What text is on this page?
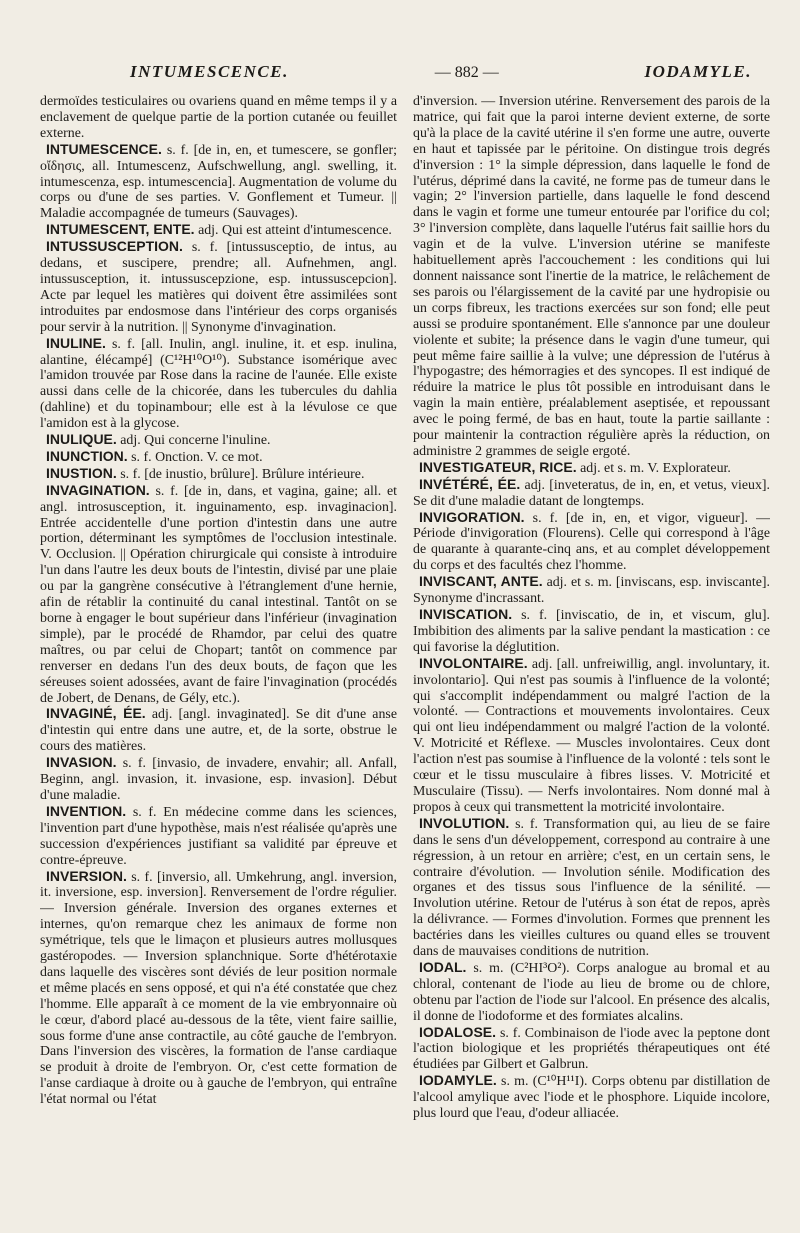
INTUMESCENCE.	— 882 —	IODAMYLE.

dermoïdes testiculaires ou ovariens quand en même temps il y a enclavement de quelque partie de la portion cutanée ou feuillet externe.

INTUMESCENCE. s. f. [de in, en, et tumescere, se gonfler; οἴδησις, all. Intumescenz, Aufschwellung, angl. swelling, it. intumescenza, esp. intumescencia]. Augmentation de volume du corps ou d'une de ses parties. V. Gonflement et Tumeur. || Maladie accompagnée de tumeurs (Sauvages).

INTUMESCENT, ENTE. adj. Qui est atteint d'intumescence.

INTUSSUSCEPTION. s. f. [intussusceptio, de intus, au dedans, et suscipere, prendre; all. Aufnehmen, angl. intussusception, it. intussuscepzione, esp. intussuscepcion]. Acte par lequel les matières qui doivent être assimilées sont introduites par endosmose dans l'intérieur des corps organisés pour servir à la nutrition. || Synonyme d'invagination.

INULINE. s. f. [all. Inulin, angl. inuline, it. et esp. inulina, alantine, élécampé] (C¹²H¹⁰O¹⁰). Substance isomérique avec l'amidon trouvée par Rose dans la racine de l'aunée. Elle existe aussi dans celle de la chicorée, dans les tubercules du dahlia (dahline) et du topinambour; elle est à la lévulose ce que l'amidon est à la glycose.

INULIQUE. adj. Qui concerne l'inuline.

INUNCTION. s. f. Onction. V. ce mot.

INUSTION. s. f. [de inustio, brûlure]. Brûlure intérieure.

INVAGINATION. s. f. [de in, dans, et vagina, gaine; all. et angl. introsusception, it. inguinamento, esp. invaginacion]. Entrée accidentelle d'une portion d'intestin dans une autre portion, déterminant les symptômes de l'occlusion intestinale. V. Occlusion. || Opération chirurgicale qui consiste à introduire l'un dans l'autre les deux bouts de l'intestin, divisé par une plaie ou par la gangrène consécutive à l'étranglement d'une hernie, afin de rétablir la continuité du canal intestinal. Tantôt on se borne à engager le bout supérieur dans l'inférieur (invagination simple), par le procédé de Rhamdor, par celui des quatre maîtres, ou par celui de Chopart; tantôt on commence par renverser en dedans l'un des deux bouts, de façon que les séreuses soient adossées, avant de faire l'invagination (procédés de Jobert, de Denans, de Gély, etc.).

INVAGINÉ, ÉE. adj. [angl. invaginated]. Se dit d'une anse d'intestin qui entre dans une autre, et, de la sorte, obstrue le cours des matières.

INVASION. s. f. [invasio, de invadere, envahir; all. Anfall, Beginn, angl. invasion, it. invasione, esp. invasion]. Début d'une maladie.

INVENTION. s. f. En médecine comme dans les sciences, l'invention part d'une hypothèse, mais n'est réalisée qu'après une succession d'expériences justifiant sa validité par épreuve et contre-épreuve.

INVERSION. s. f. [inversio, all. Umkehrung, angl. inversion, it. inversione, esp. inversion]. Renversement de l'ordre régulier. — Inversion générale. Inversion des organes externes et internes, qu'on remarque chez les animaux de forme non symétrique, tels que le limaçon et plusieurs autres mollusques gastéropodes. — Inversion splanchnique. Sorte d'hétérotaxie dans laquelle des viscères sont déviés de leur position normale et même placés en sens opposé, et qui n'a été constatée que chez l'homme. Elle apparaît à ce moment de la vie embryonnaire où le cœur, d'abord placé au-dessous de la tête, vient faire saillie, sous forme d'une anse contractile, au côté gauche de l'embryon. Dans l'inversion des viscères, la formation de l'anse cardiaque se produit à droite de l'embryon. Or, c'est cette formation de l'anse cardiaque à droite ou à gauche de l'embryon, qui entraîne l'état normal ou l'état

d'inversion. — Inversion utérine. Renversement des parois de la matrice, qui fait que la paroi interne devient externe, de sorte qu'à la place de la cavité utérine il s'en forme une autre, ouverte en haut et tapissée par le péritoine. On distingue trois degrés d'inversion : 1° la simple dépression, dans laquelle le fond de l'utérus, déprimé dans la cavité, ne forme pas de tumeur dans le vagin; 2° l'inversion partielle, dans laquelle le fond descend dans le vagin et forme une tumeur entourée par l'orifice du col; 3° l'inversion complète, dans laquelle l'utérus fait saillie hors du vagin et de la vulve. L'inversion utérine se manifeste habituellement après l'accouchement : les conditions qui lui donnent naissance sont l'inertie de la matrice, le relâchement de ses parois ou l'élargissement de la cavité par une hydropisie ou un corps fibreux, les tractions exercées sur son fond; elle peut aussi se produire spontanément. Elle s'annonce par une douleur violente et subite; la présence dans le vagin d'une tumeur, qui peut même faire saillie à la vulve; une dépression de l'utérus à l'hypogastre; des hémorragies et des syncopes. Il est indiqué de réduire la matrice le plus tôt possible en introduisant dans le vagin la main entière, préalablement aseptisée, et repoussant avec le poing fermé, de bas en haut, toute la partie saillante : pour maintenir la contraction régulière après la réduction, on administre 2 grammes de seigle ergoté.

INVESTIGATEUR, RICE. adj. et s. m. V. Explorateur.

INVÉTÉRÉ, ÉE. adj. [inveteratus, de in, en, et vetus, vieux]. Se dit d'une maladie datant de longtemps.

INVIGORATION. s. f. [de in, en, et vigor, vigueur]. — Période d'invigoration (Flourens). Celle qui correspond à l'âge de quarante à quarante-cinq ans, et au complet développement du corps et des facultés chez l'homme.

INVISCANT, ANTE. adj. et s. m. [inviscans, esp. inviscante]. Synonyme d'incrassant.

INVISCATION. s. f. [inviscatio, de in, et viscum, glu]. Imbibition des aliments par la salive pendant la mastication : ce qui favorise la déglutition.

INVOLONTAIRE. adj. [all. unfreiwillig, angl. involuntary, it. involontario]. Qui n'est pas soumis à l'influence de la volonté; qui s'accomplit indépendamment ou malgré l'action de la volonté. — Contractions et mouvements involontaires. Ceux qui ont lieu indépendamment ou malgré l'action de la volonté. V. Motricité et Réflexe. — Muscles involontaires. Ceux dont l'action n'est pas soumise à l'influence de la volonté : tels sont le cœur et le tissu musculaire à fibres lisses. V. Motricité et Musculaire (Tissu). — Nerfs involontaires. Nom donné mal à propos à ceux qui transmettent la motricité involontaire.

INVOLUTION. s. f. Transformation qui, au lieu de se faire dans le sens d'un développement, correspond au contraire à une régression, à un retour en arrière; c'est, en un certain sens, le contraire d'évolution. — Involution sénile. Modification des organes et des tissus sous l'influence de la sénilité. — Involution utérine. Retour de l'utérus à son état de repos, après la délivrance. — Formes d'involution. Formes que prennent les bactéries dans les vieilles cultures ou quand elles se trouvent dans de mauvaises conditions de nutrition.

IODAL. s. m. (C²HI³O²). Corps analogue au bromal et au chloral, contenant de l'iode au lieu de brome ou de chlore, obtenu par l'action de l'iode sur l'alcool. En présence des alcalis, il donne de l'iodoforme et des formiates alcalins.

IODALOSE. s. f. Combinaison de l'iode avec la peptone dont l'action biologique et les propriétés thérapeutiques ont été étudiées par Gilbert et Galbrun.

IODAMYLE. s. m. (C¹⁰H¹¹I). Corps obtenu par distillation de l'alcool amylique avec l'iode et le phosphore. Liquide incolore, plus lourd que l'eau, d'odeur alliacée.
